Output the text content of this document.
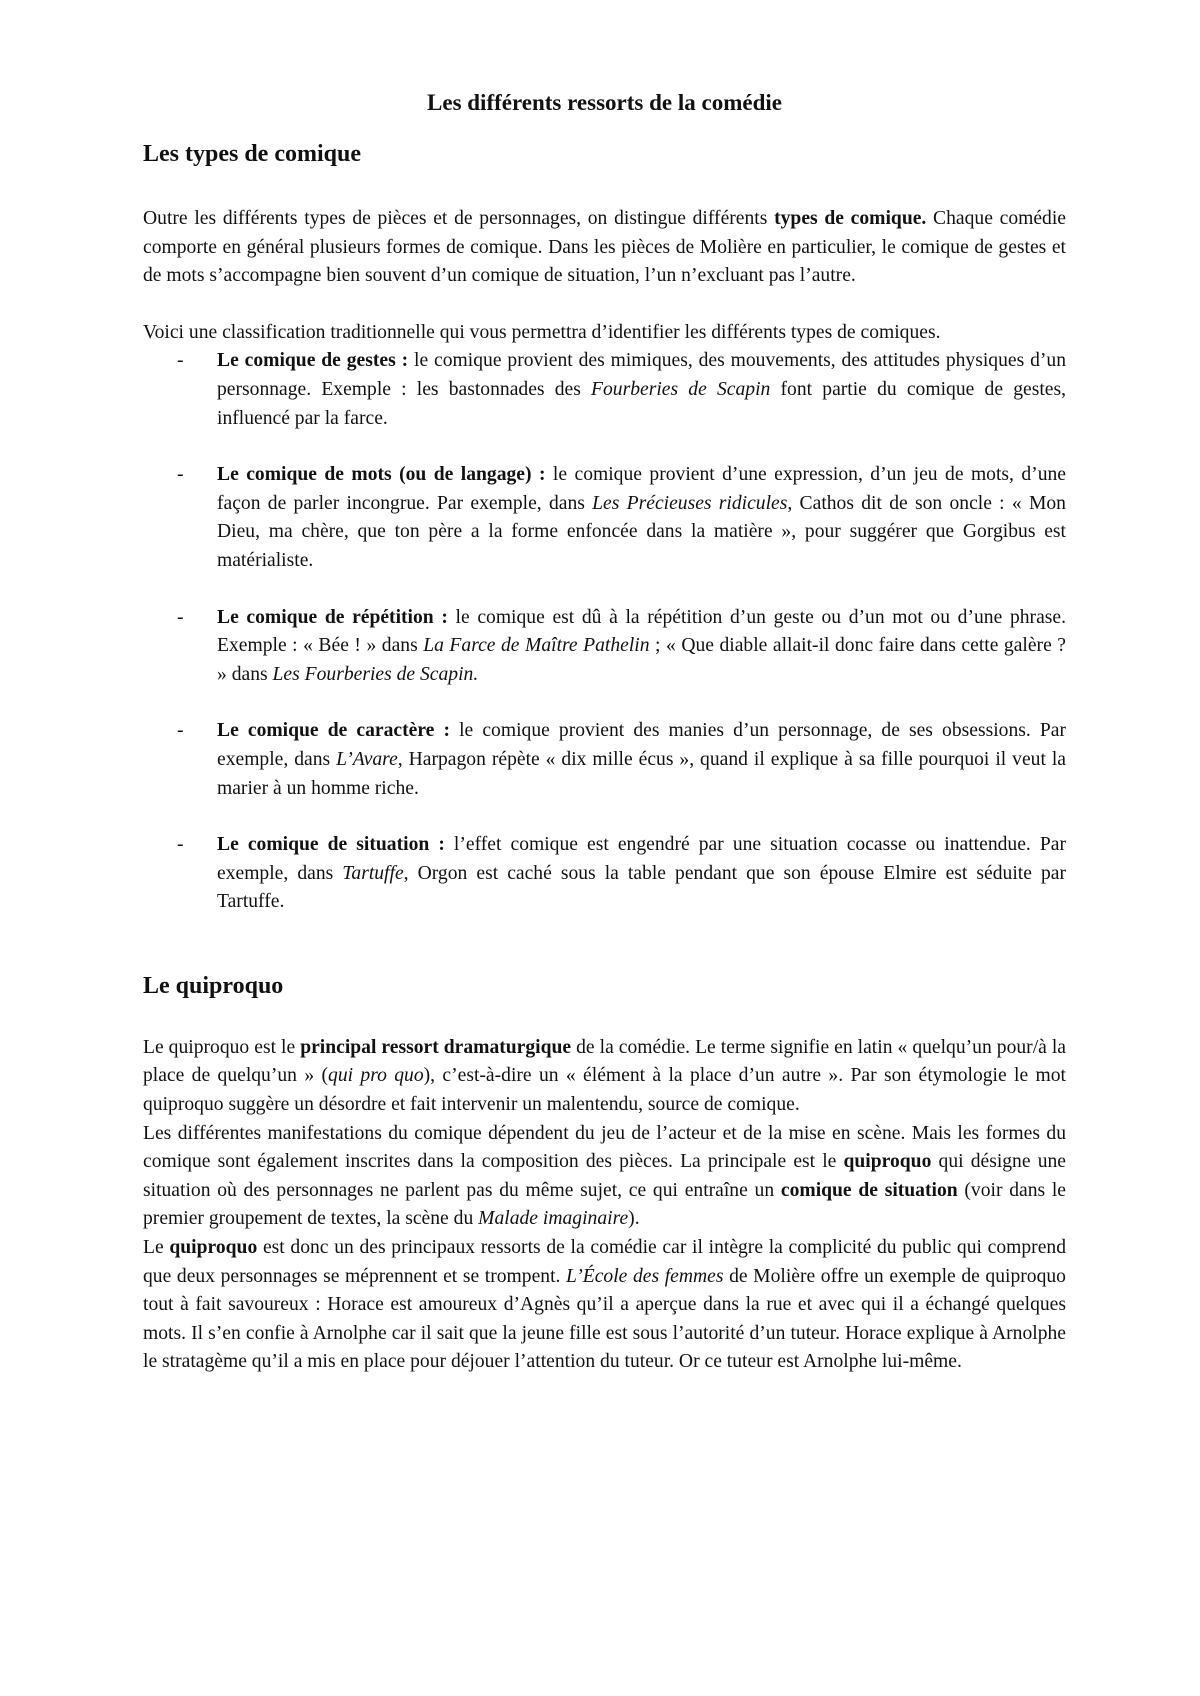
Les différents ressorts de la comédie
Les types de comique

Outre les différents types de pièces et de personnages, on distingue différents types de comique. Chaque comédie comporte en général plusieurs formes de comique. Dans les pièces de Molière en particulier, le comique de gestes et de mots s’accompagne bien souvent d’un comique de situation, l’un n’excluant pas l’autre.

Voici une classification traditionnelle qui vous permettra d’identifier les différents types de comiques.

- Le comique de gestes : le comique provient des mimiques, des mouvements, des attitudes physiques d’un personnage. Exemple : les bastonnades des Fourberies de Scapin font partie du comique de gestes, influencé par la farce.
- Le comique de mots (ou de langage) : le comique provient d’une expression, d’un jeu de mots, d’une façon de parler incongrue. Par exemple, dans Les Précieuses ridicules, Cathos dit de son oncle : « Mon Dieu, ma chère, que ton père a la forme enfoncée dans la matière », pour suggérer que Gorgibus est matérialiste.
- Le comique de répétition : le comique est dû à la répétition d’un geste ou d’un mot ou d’une phrase. Exemple : « Bée ! » dans La Farce de Maître Pathelin ; « Que diable allait-il donc faire dans cette galère ? » dans Les Fourberies de Scapin.
- Le comique de caractère : le comique provient des manies d’un personnage, de ses obsessions. Par exemple, dans L’Avare, Harpagon répète « dix mille écus », quand il explique à sa fille pourquoi il veut la marier à un homme riche.
- Le comique de situation : l’effet comique est engendré par une situation cocasse ou inattendue. Par exemple, dans Tartuffe, Orgon est caché sous la table pendant que son épouse Elmire est séduite par Tartuffe.
Le quiproquo

Le quiproquo est le principal ressort dramaturgique de la comédie. Le terme signifie en latin « quelqu’un pour/à la place de quelqu’un » (qui pro quo), c’est-à-dire un « élément à la place d’un autre ». Par son étymologie le mot quiproquo suggère un désordre et fait intervenir un malentendu, source de comique.

Les différentes manifestations du comique dépendent du jeu de l’acteur et de la mise en scène. Mais les formes du comique sont également inscrites dans la composition des pièces. La principale est le quiproquo qui désigne une situation où des personnages ne parlent pas du même sujet, ce qui entraîne un comique de situation (voir dans le premier groupement de textes, la scène du Malade imaginaire).

Le quiproquo est donc un des principaux ressorts de la comédie car il intègre la complicité du public qui comprend que deux personnages se méprennent et se trompent. L’École des femmes de Molière offre un exemple de quiproquo tout à fait savoureux : Horace est amoureux d’Agnès qu’il a aperçue dans la rue et avec qui il a échangé quelques mots. Il s’en confie à Arnolphe car il sait que la jeune fille est sous l’autorité d’un tuteur. Horace explique à Arnolphe le stratagème qu’il a mis en place pour déjouer l’attention du tuteur. Or ce tuteur est Arnolphe lui-même.
